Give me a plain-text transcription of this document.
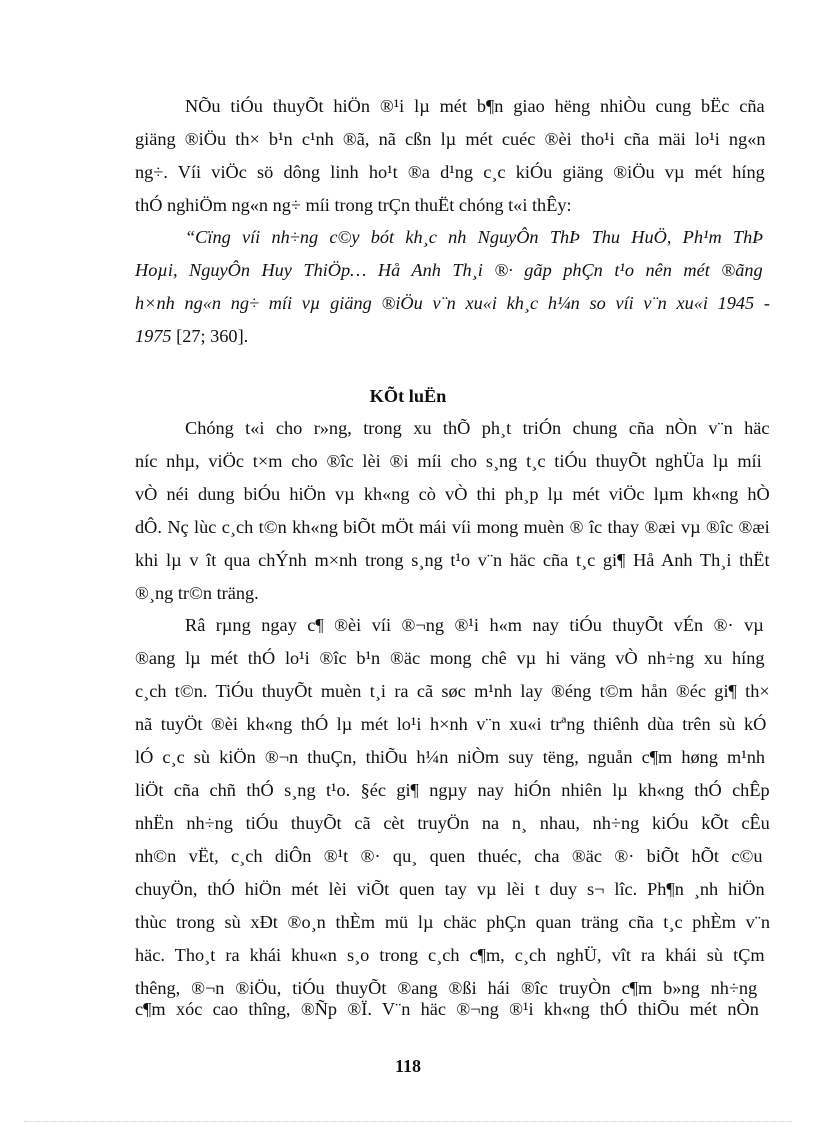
NÕu tiÓu thuyÕt hiÖn ®¹i lµ mét b¶n giao hëng nhiÒu cung bËc cña
giäng ®iÖu th× b¹n c¹nh ®ã, nã cßn lµ mét cuéc ®èi tho¹i cña mäi lo¹i ng«n
ng÷. Víi viÖc sö dông linh ho¹t ®a d¹ng c¸c kiÓu giäng ®iÖu vµ mét híng
thÓ nghiÖm ng«n ng÷ míi trong trÇn thuËt chóng t«i thÊy:
“Cïng víi nh÷ng c©y bót kh¸c nh NguyÔn ThÞ Thu HuÖ, Ph¹m ThÞ
Hoµi, NguyÔn Huy ThiÖp… Hå Anh Th¸i ®· gãp phÇn t¹o nên mét ®ãng
h×nh ng«n ng÷ míi vµ giäng ®iÖu v¨n xu«i kh¸c h¼n so víi v¨n xu«i 1945 -
1975 [27; 360].
KÕt luËn
Chóng t«i cho r»ng, trong xu thÕ ph¸t triÓn chung cña nÒn v¨n häc
níc nhµ, viÖc t×m cho ®îc lèi ®i míi cho s¸ng t¸c tiÓu thuyÕt nghÜa lµ míi
vÒ néi dung biÓu hiÖn vµ kh«ng cò vÒ thi ph¸p lµ mét viÖc lµm kh«ng hÒ
dÔ. Nç lùc c¸ch t©n kh«ng biÕt mÖt mái víi mong muèn ® îc thay ®æi vµ ®îc ®æi
khi lµ v ît qua chÝnh m×nh trong s¸ng t¹o v¨n häc cña t¸c gi¶ Hå Anh Th¸i thËt
®¸ng tr©n träng.
Râ rµng ngay c¶ ®èi víi ®¬ng ®¹i h«m nay tiÓu thuyÕt vÉn ®· vµ
®ang lµ mét thÓ lo¹i ®îc b¹n ®äc mong chê vµ hi väng vÒ nh÷ng xu híng
c¸ch t©n. TiÓu thuyÕt muèn t¸i ra cã søc m¹nh lay ®éng t©m hån ®éc gi¶ th×
nã tuyÖt ®èi kh«ng thÓ lµ mét lo¹i h×nh v¨n xu«i trªng thiênh dùa trên sù kÓ
lÓ c¸c sù kiÖn ®¬n thuÇn, thiÕu h¼n niÒm suy tëng, nguån c¶m høng m¹nh
liÖt cña chñ thÓ s¸ng t¹o. §éc gi¶ ngµy nay hiÓn nhiên lµ kh«ng thÓ chÊp
nhËn nh÷ng tiÓu thuyÕt cã cèt truyÖn na n¸ nhau, nh÷ng kiÓu kÕt cÊu
nh©n vËt, c¸ch diÔn ®¹t ®· qu¸ quen thuéc, cha ®äc ®· biÕt hÕt c©u
chuyÖn, thÓ hiÖn mét lèi viÕt quen tay vµ lèi t duy s¬ lîc. Ph¶n ¸nh hiÖn
thùc trong sù xÐt ®o¸n thÈm mü lµ chäc phÇn quan träng cña t¸c phÈm v¨n
häc. Tho¸t ra khái khu«n s¸o trong c¸ch c¶m, c¸ch nghÜ, vît ra khái sù tÇm
thêng, ®¬n ®iÖu, tiÓu thuyÕt ®ang ®ßi hái ®îc truyÒn c¶m b»ng nh÷ng
c¶m xóc cao thîng, ®Ñp ®Ï. V¨n häc ®¬ng ®¹i kh«ng thÓ thiÕu mét nÒn
118
